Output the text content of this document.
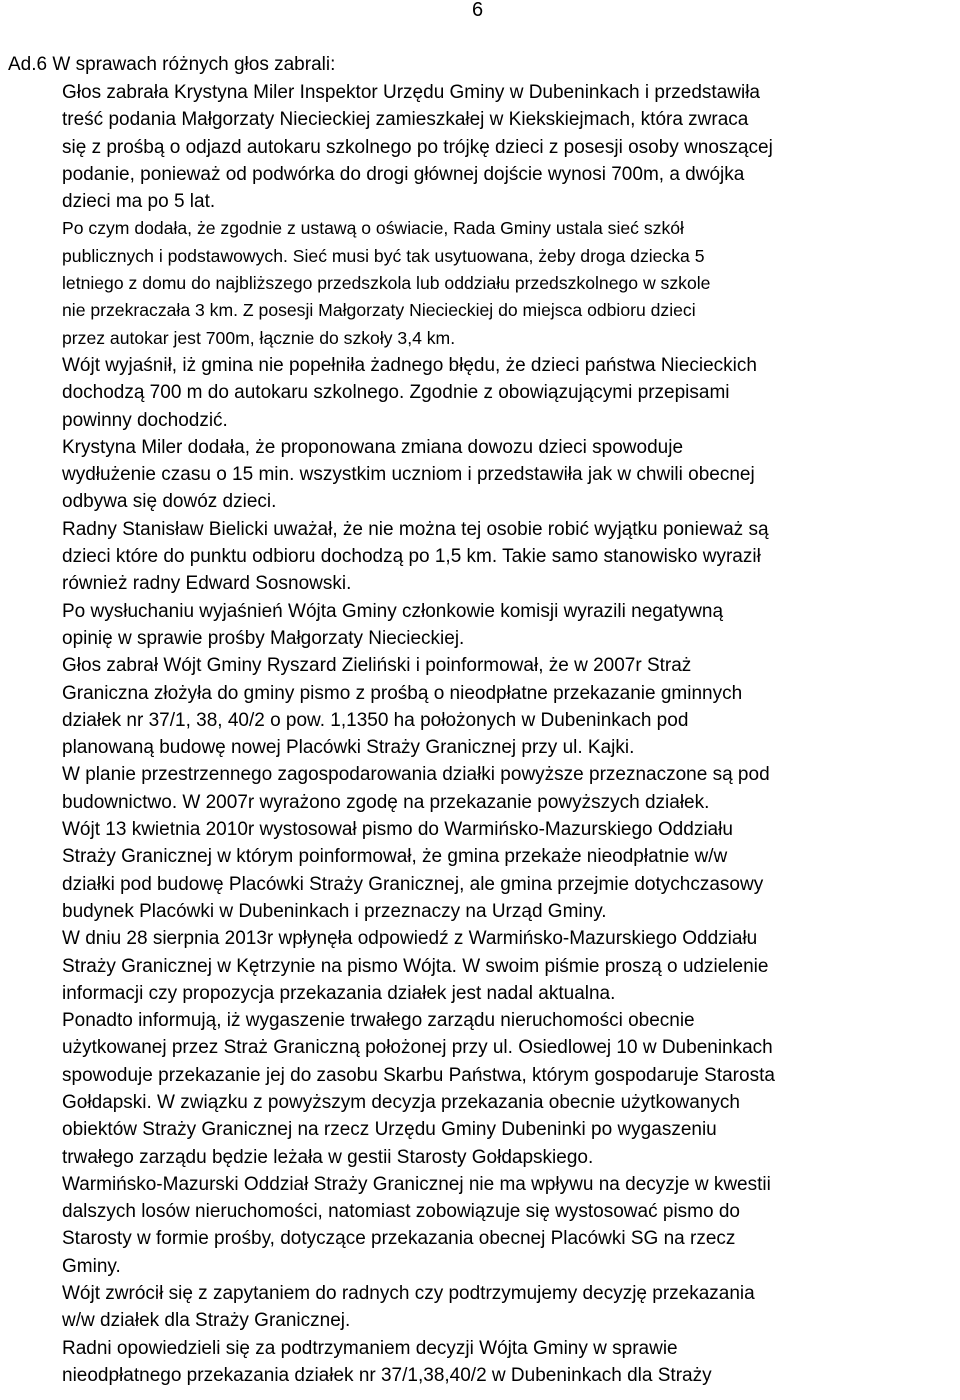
6

Ad.6 W sprawach różnych głos zabrali:

Głos zabrała Krystyna Miler Inspektor Urzędu Gminy w Dubeninkach i przedstawiła
treść podania Małgorzaty Niecieckiej zamieszkałej w Kiekskiejmach, która zwraca
się z prośbą o odjazd autokaru szkolnego po trójkę dzieci z posesji osoby wnoszącej
podanie, ponieważ od podwórka do drogi głównej dojście wynosi 700m, a dwójka
dzieci ma po 5 lat.

Po czym dodała, że zgodnie z ustawą o oświacie, Rada Gminy ustala sieć szkół
publicznych i podstawowych. Sieć musi być tak usytuowana, żeby droga dziecka 5
letniego z domu do najbliższego przedszkola lub oddziału przedszkolnego w szkole
nie przekraczała 3 km. Z posesji Małgorzaty Niecieckiej do miejsca odbioru dzieci
przez autokar jest 700m, łącznie do szkoły 3,4 km.

Wójt wyjaśnił, iż gmina nie popełniła żadnego błędu, że dzieci państwa Niecieckich
dochodzą 700 m do autokaru szkolnego. Zgodnie z obowiązującymi przepisami
powinny dochodzić.

Krystyna Miler dodała, że proponowana zmiana dowozu dzieci spowoduje
wydłużenie czasu o 15 min. wszystkim uczniom i przedstawiła jak w chwili obecnej
odbywa się dowóz dzieci.

Radny Stanisław Bielicki uważał, że nie można tej osobie robić wyjątku ponieważ są
dzieci które do punktu odbioru dochodzą po 1,5 km. Takie samo stanowisko wyraził
również radny Edward Sosnowski.

Po wysłuchaniu wyjaśnień Wójta Gminy członkowie komisji wyrazili negatywną
opinię w sprawie prośby Małgorzaty Niecieckiej.

Głos zabrał Wójt Gminy Ryszard Zieliński i poinformował, że w 2007r Straż
Graniczna złożyła do gminy pismo z prośbą o nieodpłatne przekazanie gminnych
działek nr 37/1, 38, 40/2 o pow. 1,1350 ha położonych w Dubeninkach pod
planowaną budowę nowej Placówki Straży Granicznej przy ul. Kajki.

W planie przestrzennego zagospodarowania działki powyższe przeznaczone są pod
budownictwo. W 2007r wyrażono zgodę na przekazanie powyższych działek.

Wójt 13 kwietnia 2010r wystosował pismo do Warmińsko-Mazurskiego Oddziału
Straży Granicznej w którym poinformował, że gmina przekaże nieodpłatnie w/w
działki pod budowę Placówki Straży Granicznej, ale gmina przejmie dotychczasowy
budynek Placówki w Dubeninkach i przeznaczy na Urząd Gminy.

W dniu 28 sierpnia 2013r wpłynęła odpowiedź z Warmińsko-Mazurskiego Oddziału
Straży Granicznej w Kętrzynie na pismo Wójta. W swoim piśmie proszą o udzielenie
informacji czy propozycja przekazania działek jest nadal aktualna.

Ponadto informują, iż wygaszenie trwałego zarządu nieruchomości obecnie
użytkowanej przez Straż Graniczną położonej przy ul. Osiedlowej 10 w Dubeninkach
spowoduje przekazanie jej do zasobu Skarbu Państwa, którym gospodaruje Starosta
Gołdapski. W związku z powyższym decyzja przekazania obecnie użytkowanych
obiektów Straży Granicznej na rzecz Urzędu Gminy Dubeninki po wygaszeniu
trwałego zarządu będzie leżała w gestii Starosty Gołdapskiego.

Warmińsko-Mazurski Oddział Straży Granicznej nie ma wpływu na decyzje w kwestii
dalszych losów nieruchomości, natomiast zobowiązuje się wystosować pismo do
Starosty w formie prośby, dotyczące przekazania obecnej Placówki SG na rzecz
Gminy.

Wójt zwrócił się z zapytaniem do radnych czy podtrzymujemy decyzję przekazania
w/w działek dla Straży Granicznej.

Radni opowiedzieli się za podtrzymaniem decyzji Wójta Gminy w sprawie
nieodpłatnego przekazania działek nr 37/1,38,40/2 w Dubeninkach dla Straży
